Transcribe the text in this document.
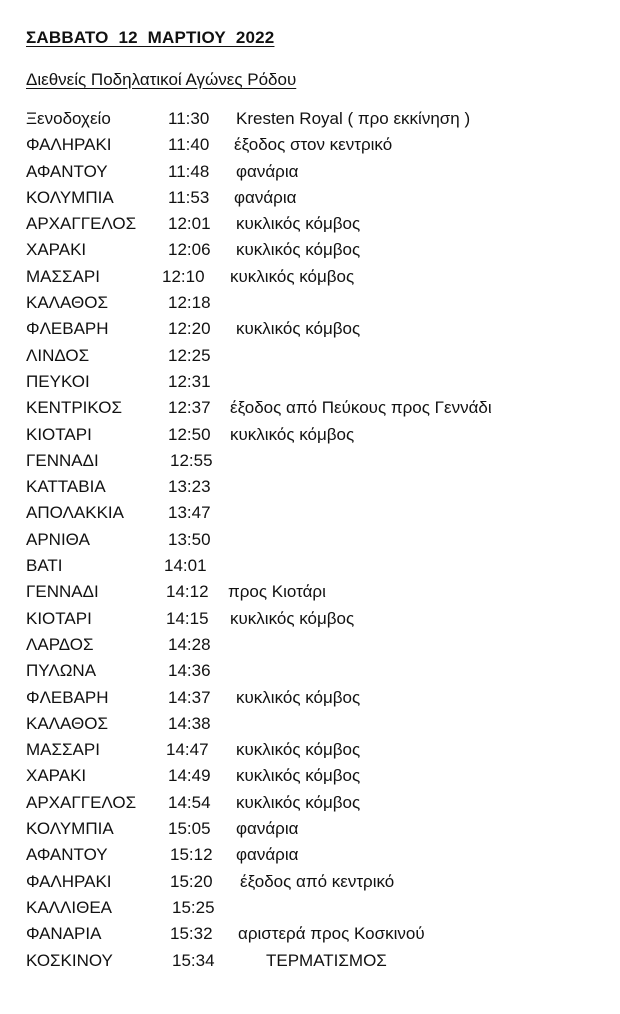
ΣΑΒΒΑΤΟ  12  ΜΑΡΤΙΟΥ  2022
Διεθνείς Ποδηλατικοί Αγώνες Ρόδου
Ξενοδοχείο	11:30 Kresten Royal ( προ εκκίνηση )
ΦΑΛΗΡΑΚΙ	11:40 έξοδος στον κεντρικό
ΑΦΑΝΤΟΥ	11:48 φανάρια
ΚΟΛΥΜΠΙΑ	11:53 φανάρια
ΑΡΧΑΓΓΕΛΟΣ 12:01 κυκλικός κόμβος
ΧΑΡΑΚΙ	12:06 κυκλικός κόμβος
ΜΑΣΣΑΡΙ	12:10 κυκλικός κόμβος
ΚΑΛΑΘΟΣ	12:18
ΦΛΕΒΑΡΗ	12:20 κυκλικός κόμβος
ΛΙΝΔΟΣ	12:25
ΠΕΥΚΟΙ	12:31
ΚΕΝΤΡΙΚΟΣ	12:37 έξοδος από Πεύκους προς Γεννάδι
ΚΙΟΤΑΡΙ	12:50 κυκλικός κόμβος
ΓΕΝΝΑΔΙ	12:55
ΚΑΤΤΑΒΙΑ	13:23
ΑΠΟΛΑΚΚΙΑ	13:47
ΑΡΝΙΘΑ	13:50
ΒΑΤΙ	14:01
ΓΕΝΝΑΔΙ	14:12 προς Κιοτάρι
ΚΙΟΤΑΡΙ	14:15 κυκλικός κόμβος
ΛΑΡΔΟΣ	14:28
ΠΥΛΩΝΑ	14:36
ΦΛΕΒΑΡΗ	14:37 κυκλικός κόμβος
ΚΑΛΑΘΟΣ	14:38
ΜΑΣΣΑΡΙ	14:47 κυκλικός κόμβος
ΧΑΡΑΚΙ	14:49 κυκλικός κόμβος
ΑΡΧΑΓΓΕΛΟΣ 14:54 κυκλικός κόμβος
ΚΟΛΥΜΠΙΑ	15:05 φανάρια
ΑΦΑΝΤΟΥ	15:12 φανάρια
ΦΑΛΗΡΑΚΙ	15:20 έξοδος από κεντρικό
ΚΑΛΛΙΘΕΑ	15:25
ΦΑΝΑΡΙΑ	15:32 αριστερά προς Κοσκινού
ΚΟΣΚΙΝΟΥ	15:34	ΤΕΡΜΑΤΙΣΜΟΣ
